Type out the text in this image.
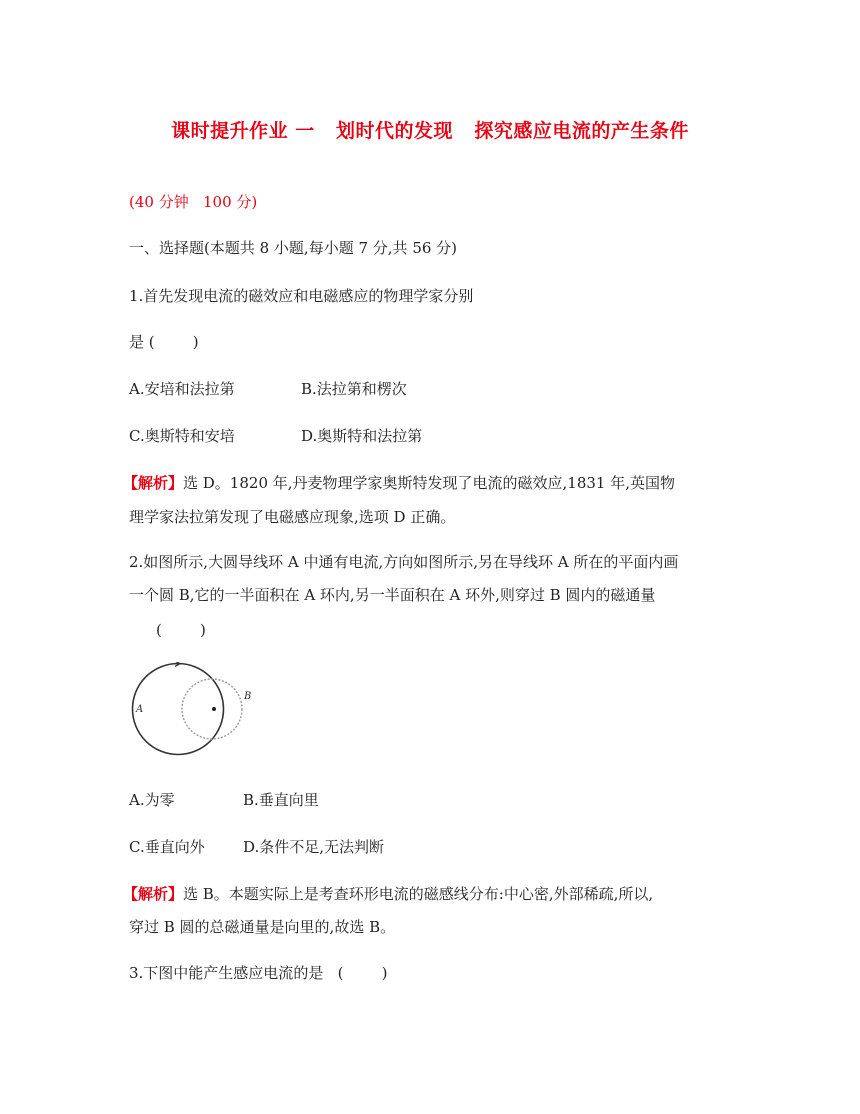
课时提升作业 一   划时代的发现   探究感应电流的产生条件
(40 分钟   100 分)
一、选择题(本题共 8 小题,每小题 7 分,共 56 分)
1.首先发现电流的磁效应和电磁感应的物理学家分别
是 (        )
A.安培和法拉第	B.法拉第和楞次
C.奥斯特和安培	D.奥斯特和法拉第
【解析】选 D。1820 年,丹麦物理学家奥斯特发现了电流的磁效应,1831 年,英国物
理学家法拉第发现了电磁感应现象,选项 D 正确。
2.如图所示,大圆导线环 A 中通有电流,方向如图所示,另在导线环 A 所在的平面内画
一个圆 B,它的一半面积在 A 环内,另一半面积在 A 环外,则穿过 B 圆内的磁通量
(        )
A
B
A.为零	B.垂直向里
C.垂直向外	D.条件不足,无法判断
【解析】选 B。本题实际上是考查环形电流的磁感线分布:中心密,外部稀疏,所以,
穿过 B 圆的总磁通量是向里的,故选 B。
3.下图中能产生感应电流的是   (        )
